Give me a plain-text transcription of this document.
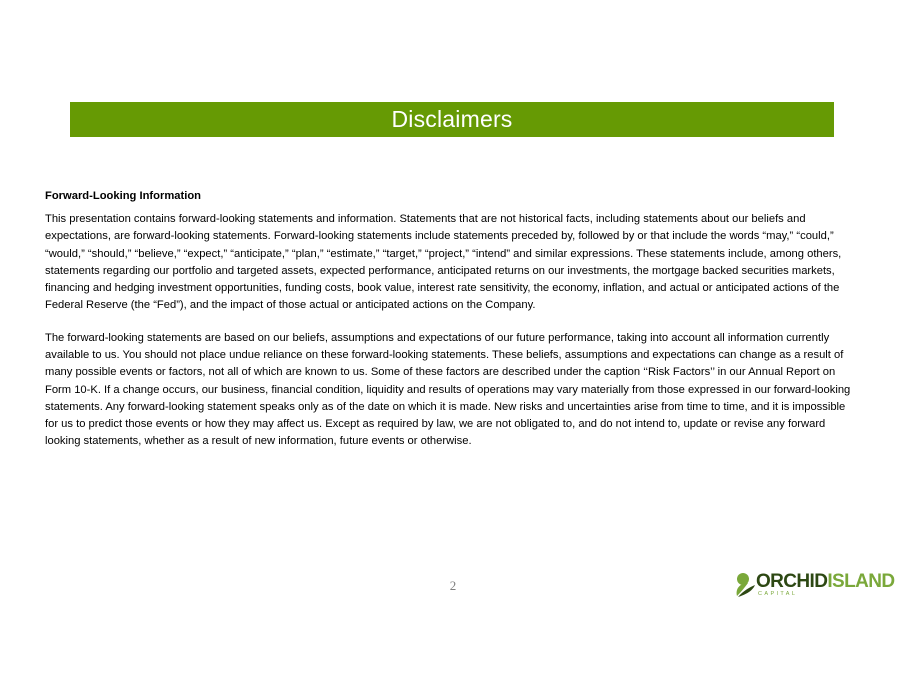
Disclaimers

Forward-Looking Information

This presentation contains forward-looking statements and information. Statements that are not historical facts, including statements about our beliefs and expectations, are forward-looking statements. Forward-looking statements include statements preceded by, followed by or that include the words “may,” “could,” “would,” “should,” “believe,” “expect,” “anticipate,” “plan,” “estimate,” “target,” “project,” “intend” and similar expressions. These statements include, among others, statements regarding our portfolio and targeted assets, expected performance, anticipated returns on our investments, the mortgage backed securities markets, financing and hedging investment opportunities, funding costs, book value, interest rate sensitivity, the economy, inflation, and actual or anticipated actions of the Federal Reserve (the “Fed”), and the impact of those actual or anticipated actions on the Company.

The forward-looking statements are based on our beliefs, assumptions and expectations of our future performance, taking into account all information currently available to us. You should not place undue reliance on these forward-looking statements. These beliefs, assumptions and expectations can change as a result of many possible events or factors, not all of which are known to us. Some of these factors are described under the caption ‘‘Risk Factors’’ in our Annual Report on Form 10-K. If a change occurs, our business, financial condition, liquidity and results of operations may vary materially from those expressed in our forward-looking statements. Any forward-looking statement speaks only as of the date on which it is made. New risks and uncertainties arise from time to time, and it is impossible for us to predict those events or how they may affect us. Except as required by law, we are not obligated to, and do not intend to, update or revise any forward looking statements, whether as a result of new information, future events or otherwise.

2	ORCHIDISLAND
CAPITAL
